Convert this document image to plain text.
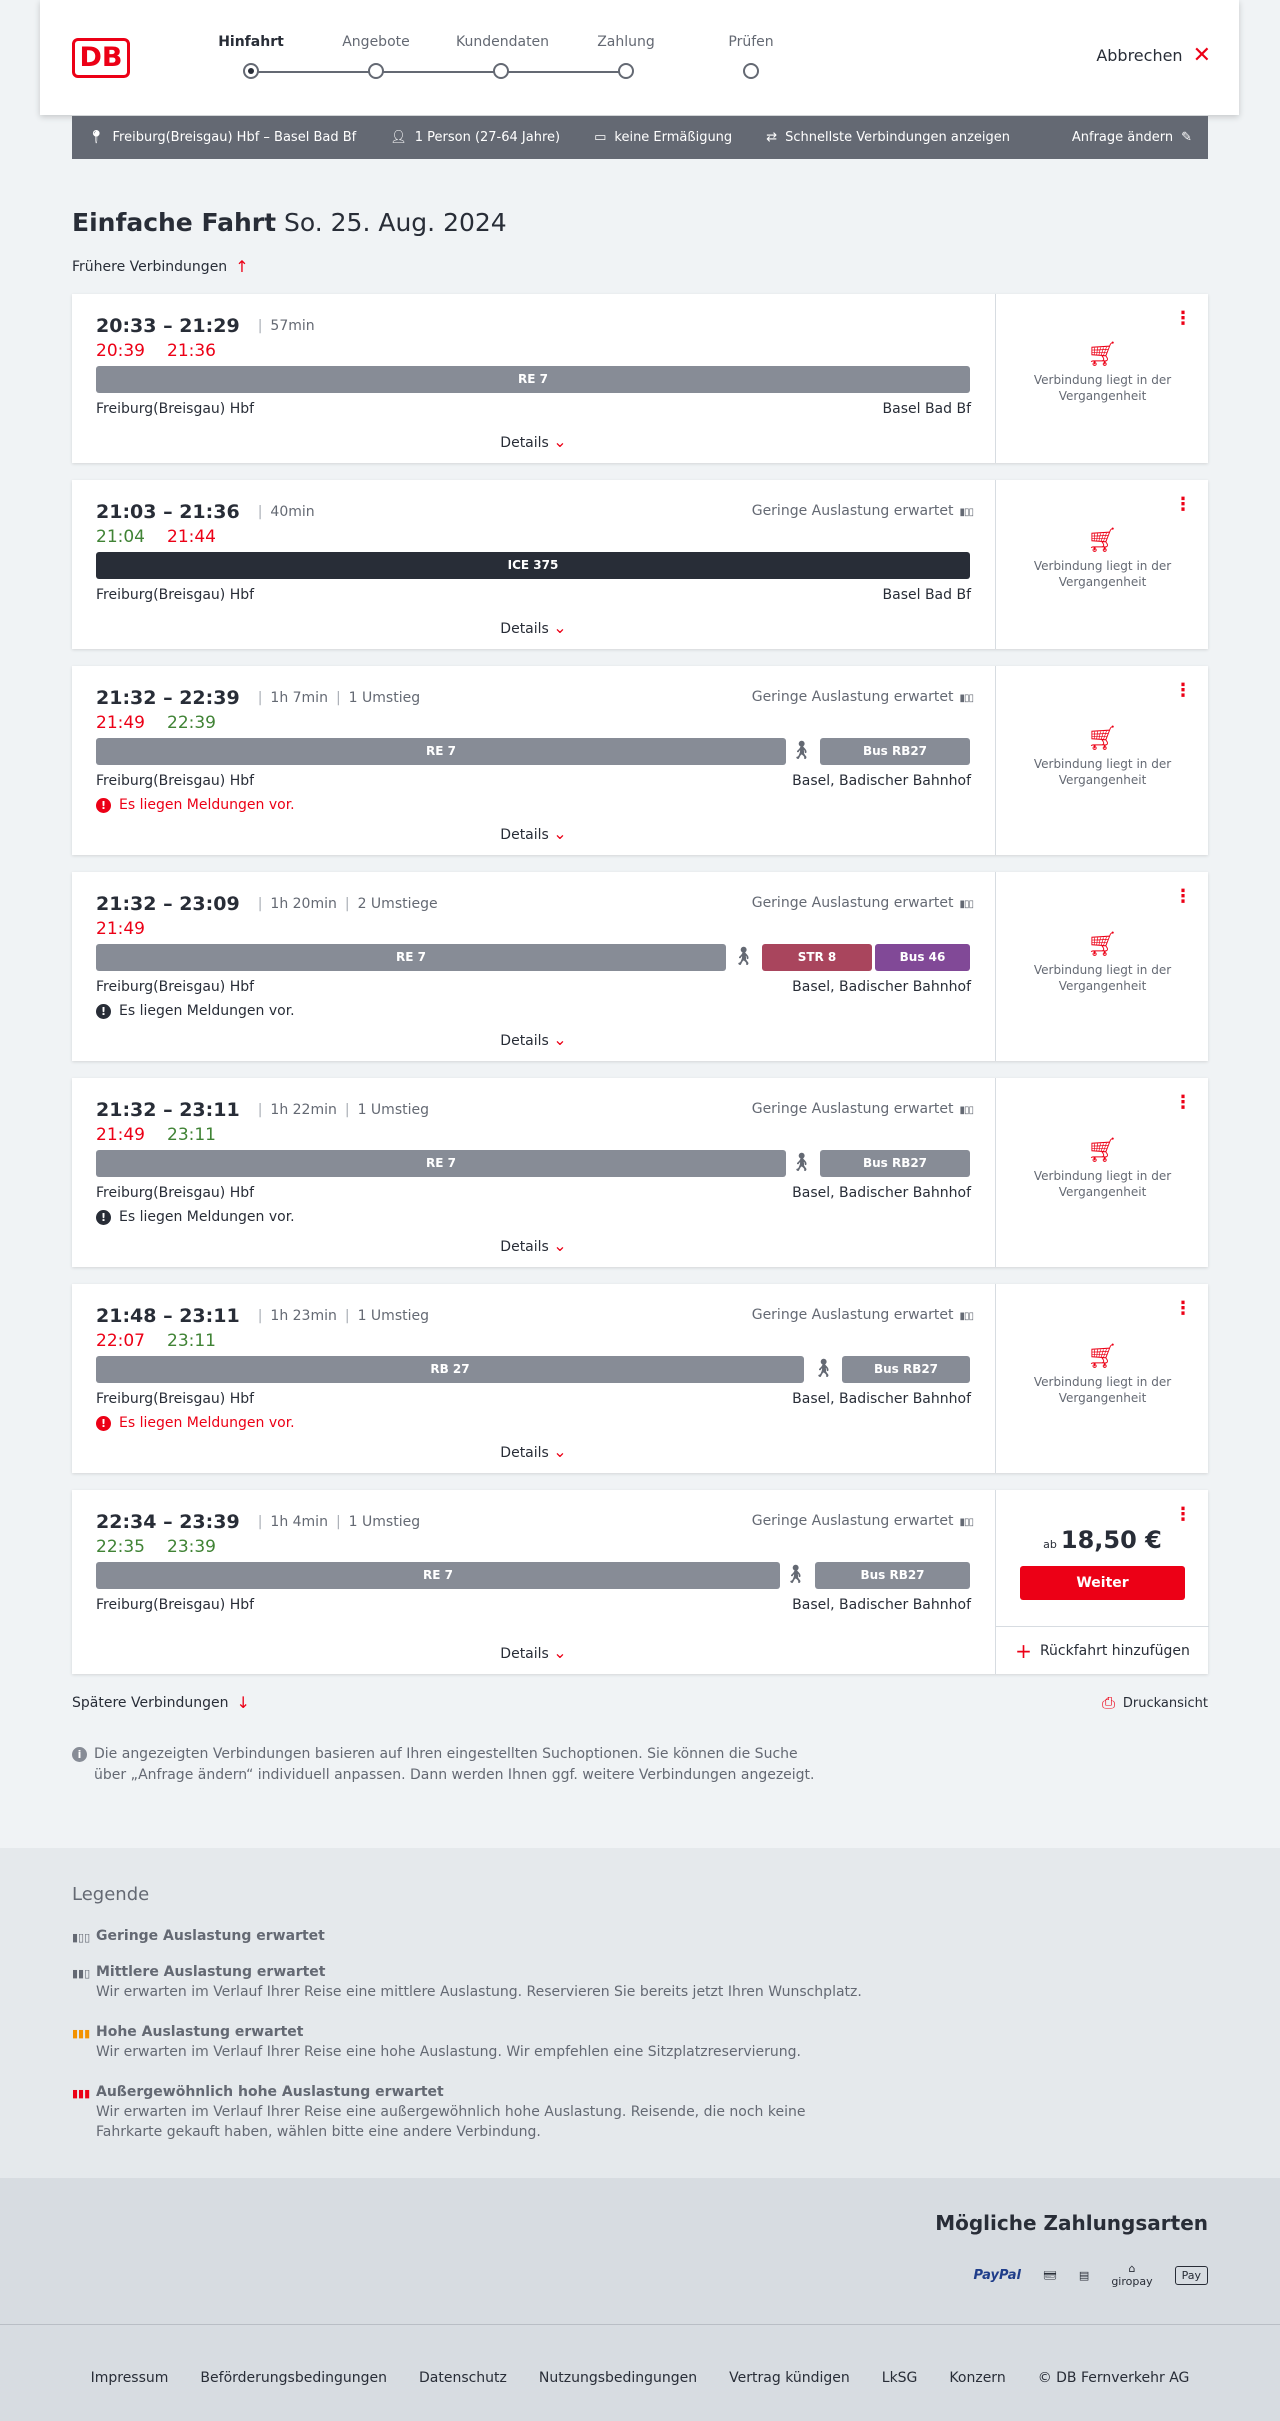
DB	Hinfahrt	Angebote	Kundendaten	Zahlung	Prüfen
Abbrechen ✕
📍︎ Freiburg(Breisgau) Hbf – Basel Bad Bf	👤︎ 1 Person (27-64 Jahre)	▭ keine Ermäßigung	⇄ Schnellste Verbindungen anzeigen	Anfrage ändern ✎
Einfache Fahrt So. 25. Aug. 2024
Frühere Verbindungen ↑
20:33 – 21:29	| 57min
20:39 21:36
RE 7
Freiburg(Breisgau) Hbf	Basel Bad Bf
Details ⌄
⋮
🛒︎
Verbindung liegt in der Vergangenheit
21:03 – 21:36	| 40min	Geringe Auslastung erwartet ▮▯▯
21:04 21:44
ICE 375
Freiburg(Breisgau) Hbf	Basel Bad Bf
Details ⌄
⋮
🛒︎
Verbindung liegt in der Vergangenheit
21:32 – 22:39	| 1h 7min | 1 Umstieg	Geringe Auslastung erwartet ▮▯▯
21:49 22:39
RE 7	🚶︎	Bus RB27
Freiburg(Breisgau) Hbf	Basel, Badischer Bahnhof
! Es liegen Meldungen vor.
Details ⌄
⋮
🛒︎
Verbindung liegt in der Vergangenheit
21:32 – 23:09	| 1h 20min | 2 Umstiege	Geringe Auslastung erwartet ▮▯▯
21:49
RE 7	🚶︎	STR 8	Bus 46
Freiburg(Breisgau) Hbf	Basel, Badischer Bahnhof
! Es liegen Meldungen vor.
Details ⌄
⋮
🛒︎
Verbindung liegt in der Vergangenheit
21:32 – 23:11	| 1h 22min | 1 Umstieg	Geringe Auslastung erwartet ▮▯▯
21:49 23:11
RE 7	🚶︎	Bus RB27
Freiburg(Breisgau) Hbf	Basel, Badischer Bahnhof
! Es liegen Meldungen vor.
Details ⌄
⋮
🛒︎
Verbindung liegt in der Vergangenheit
21:48 – 23:11	| 1h 23min | 1 Umstieg	Geringe Auslastung erwartet ▮▯▯
22:07 23:11
RB 27	🚶︎	Bus RB27
Freiburg(Breisgau) Hbf	Basel, Badischer Bahnhof
! Es liegen Meldungen vor.
Details ⌄
⋮
🛒︎
Verbindung liegt in der Vergangenheit
22:34 – 23:39	| 1h 4min | 1 Umstieg	Geringe Auslastung erwartet ▮▯▯
22:35 23:39
RE 7	🚶︎	Bus RB27
Freiburg(Breisgau) Hbf	Basel, Badischer Bahnhof
Details ⌄
⋮
ab 18,50 €
Weiter
+ Rückfahrt hinzufügen
Spätere Verbindungen ↓	⎙ Druckansicht
i Die angezeigten Verbindungen basieren auf Ihren eingestellten Suchoptionen. Sie können die Suche über „Anfrage ändern“ individuell anpassen. Dann werden Ihnen ggf. weitere Verbindungen angezeigt.
Legende
▮▯▯ Geringe Auslastung erwartet

▮▮▯ Mittlere Auslastung erwartet
Wir erwarten im Verlauf Ihrer Reise eine mittlere Auslastung. Reservieren Sie bereits jetzt Ihren Wunschplatz.

▮▮▮ Hohe Auslastung erwartet
Wir erwarten im Verlauf Ihrer Reise eine hohe Auslastung. Wir empfehlen eine Sitzplatzreservierung.

▮▮▮ Außergewöhnlich hohe Auslastung erwartet
Wir erwarten im Verlauf Ihrer Reise eine außergewöhnlich hohe Auslastung. Reisende, die noch keine Fahrkarte gekauft haben, wählen bitte eine andere Verbindung.

Mögliche Zahlungsarten
PayPal 💳︎ ▤	⌂
giropay	Pay
Impressum Beförderungsbedingungen Datenschutz Nutzungsbedingungen Vertrag kündigen LkSG Konzern © DB Fernverkehr AG
